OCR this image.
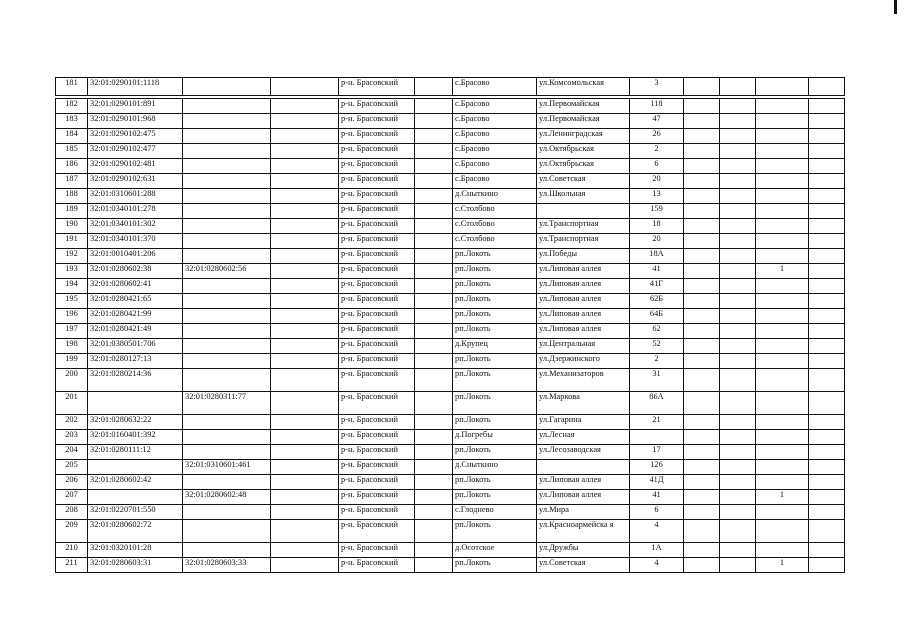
181	32:01:0290101:1118			р-н. Брасовский		с.Брасово	ул.Комсомольская	3				

182	32:01:0290101:891			р-н. Брасовский		с.Брасово	ул.Первомайская	118				
183	32:01:0290101:968			р-н. Брасовский		с.Брасово	ул.Первомайская	47				
184	32:01:0290102:475			р-н. Брасовский		с.Брасово	ул.Ленинградская	26				
185	32:01:0290102:477			р-н. Брасовский		с.Брасово	ул.Октябрьская	2				
186	32:01:0290102:481			р-н. Брасовский		с.Брасово	ул.Октябрьская	6				
187	32:01:0290102:631			р-н. Брасовский		с.Брасово	ул.Советская	20				
188	32:01:0310601:288			р-н. Брасовский		д.Сныткино	ул.Школьная	13				
189	32:01:0340101:278			р-н. Брасовский		с.Столбово		159				
190	32:01:0340101:302			р-н. Брасовский		с.Столбово	ул.Транспортная	18				
191	32:01:0340101:370			р-н. Брасовский		с.Столбово	ул.Транспортная	20				
192	32:01:0010401:206			р-н. Брасовский		рп.Локоть	ул.Победы	18А				
193	32:01:0280602:38	32:01:0280602:56		р-н. Брасовский		рп.Локоть	ул.Липовая аллея	41			1	
194	32:01:0280602:41			р-н. Брасовский		рп.Локоть	ул.Липовая аллея	41Г				
195	32:01:0280421:65			р-н. Брасовский		рп.Локоть	ул.Липовая аллея	62Б				
196	32:01:0280421:99			р-н. Брасовский		рп.Локоть	ул.Липовая аллея	64Б				
197	32:01:0280421:49			р-н. Брасовский		рп.Локоть	ул.Липовая аллея	62				
198	32:01:0380501:706			р-н. Брасовский		д.Крупец	ул.Центральная	52				
199	32:01:0280127:13			р-н. Брасовский		рп.Локоть	ул.Дзержинского	2				
200	32:01:0280214:36			р-н. Брасовский		рп.Локоть	ул.Механизаторов	31				
201		32:01:0280311:77		р-н. Брасовский		рп.Локоть	ул.Маркова	86А				
202	32:01:0280632:22			р-н. Брасовский		рп.Локоть	ул.Гагарина	21				
203	32:01:0160401:392			р-н. Брасовский		д.Погребы	ул.Лесная					
204	32:01:0280111:12			р-н. Брасовский		рп.Локоть	ул.Лесозаводская	17				
205		32:01:0310601:461		р-н. Брасовский		д.Сныткино		126				
206	32:01:0280602:42			р-н. Брасовский		рп.Локоть	ул.Липовая аллея	41Д				
207		32:01:0280602:48		р-н. Брасовский		рп.Локоть	ул.Липовая аллея	41			1	
208	32:01:0220701:550			р-н. Брасовский		с.Глоднево	ул.Мира	6				
209	32:01:0280602:72			р-н. Брасовский		рп.Локоть	ул.Красноармейска я	4				
210	32:01:0320101:28			р-н. Брасовский		д.Осотское	ул.Дружбы	1А				
211	32:01:0280603:31	32:01:0280603:33		р-н. Брасовский		рп.Локоть	ул.Советская	4			1	
